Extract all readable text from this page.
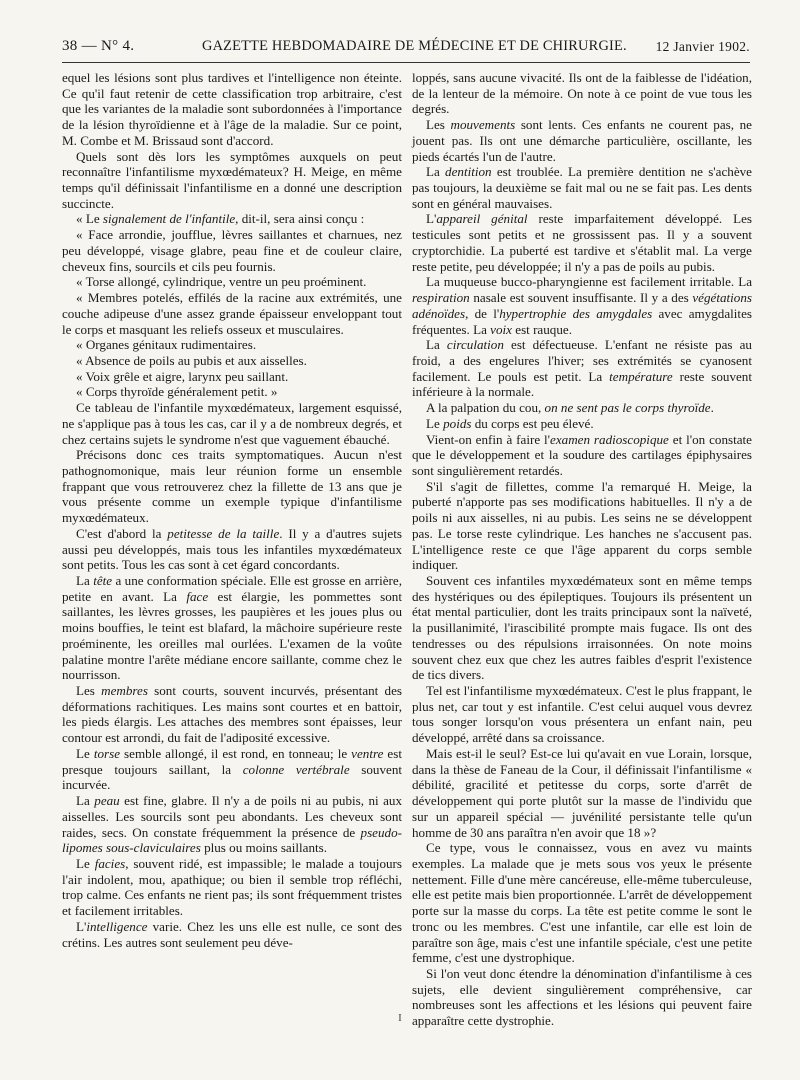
38 — N° 4.	GAZETTE HEBDOMADAIRE DE MÉDECINE ET DE CHIRURGIE. 12 Janvier 1902.

equel les lésions sont plus tardives et l'intelligence non éteinte. Ce qu'il faut retenir de cette classification trop arbitraire, c'est que les variantes de la maladie sont subordonnées à l'importance de la lésion thyroïdienne et à l'âge de la maladie. Sur ce point, M. Combe et M. Brissaud sont d'accord.

Quels sont dès lors les symptômes auxquels on peut reconnaître l'infantilisme myxœdémateux? H. Meige, en même temps qu'il définissait l'infantilisme en a donné une description succincte.

« Le signalement de l'infantile, dit-il, sera ainsi conçu :

« Face arrondie, joufflue, lèvres saillantes et charnues, nez peu développé, visage glabre, peau fine et de couleur claire, cheveux fins, sourcils et cils peu fournis.

« Torse allongé, cylindrique, ventre un peu proéminent.

« Membres potelés, effilés de la racine aux extrémités, une couche adipeuse d'une assez grande épaisseur enveloppant tout le corps et masquant les reliefs osseux et musculaires.

« Organes génitaux rudimentaires.

« Absence de poils au pubis et aux aisselles.

« Voix grêle et aigre, larynx peu saillant.

« Corps thyroïde généralement petit. »

Ce tableau de l'infantile myxœdémateux, largement esquissé, ne s'applique pas à tous les cas, car il y a de nombreux degrés, et chez certains sujets le syndrome n'est que vaguement ébauché.

Précisons donc ces traits symptomatiques. Aucun n'est pathognomonique, mais leur réunion forme un ensemble frappant que vous retrouverez chez la fillette de 13 ans que je vous présente comme un exemple typique d'infantilisme myxœdémateux.

C'est d'abord la petitesse de la taille. Il y a d'autres sujets aussi peu développés, mais tous les infantiles myxœdémateux sont petits. Tous les cas sont à cet égard concordants.

La tête a une conformation spéciale. Elle est grosse en arrière, petite en avant. La face est élargie, les pommettes sont saillantes, les lèvres grosses, les paupières et les joues plus ou moins bouffies, le teint est blafard, la mâchoire supérieure reste proéminente, les oreilles mal ourlées. L'examen de la voûte palatine montre l'arête médiane encore saillante, comme chez le nourrisson.

Les membres sont courts, souvent incurvés, présentant des déformations rachitiques. Les mains sont courtes et en battoir, les pieds élargis. Les attaches des membres sont épaisses, leur contour est arrondi, du fait de l'adiposité excessive.

Le torse semble allongé, il est rond, en tonneau; le ventre est presque toujours saillant, la colonne vertébrale souvent incurvée.

La peau est fine, glabre. Il n'y a de poils ni au pubis, ni aux aisselles. Les sourcils sont peu abondants. Les cheveux sont raides, secs. On constate fréquemment la présence de pseudo-lipomes sous-claviculaires plus ou moins saillants.

Le facies, souvent ridé, est impassible; le malade a toujours l'air indolent, mou, apathique; ou bien il semble trop réfléchi, trop calme. Ces enfants ne rient pas; ils sont fréquemment tristes et facilement irritables.

L'intelligence varie. Chez les uns elle est nulle, ce sont des crétins. Les autres sont seulement peu déve-

loppés, sans aucune vivacité. Ils ont de la faiblesse de l'idéation, de la lenteur de la mémoire. On note à ce point de vue tous les degrés.

Les mouvements sont lents. Ces enfants ne courent pas, ne jouent pas. Ils ont une démarche particulière, oscillante, les pieds écartés l'un de l'autre.

La dentition est troublée. La première dentition ne s'achève pas toujours, la deuxième se fait mal ou ne se fait pas. Les dents sont en général mauvaises.

L'appareil génital reste imparfaitement développé. Les testicules sont petits et ne grossissent pas. Il y a souvent cryptorchidie. La puberté est tardive et s'établit mal. La verge reste petite, peu développée; il n'y a pas de poils au pubis.

La muqueuse bucco-pharyngienne est facilement irritable. La respiration nasale est souvent insuffisante. Il y a des végétations adénoïdes, de l'hypertrophie des amygdales avec amygdalites fréquentes. La voix est rauque.

La circulation est défectueuse. L'enfant ne résiste pas au froid, a des engelures l'hiver; ses extrémités se cyanosent facilement. Le pouls est petit. La température reste souvent inférieure à la normale.

A la palpation du cou, on ne sent pas le corps thyroïde.

Le poids du corps est peu élevé.

Vient-on enfin à faire l'examen radioscopique et l'on constate que le développement et la soudure des cartilages épiphysaires sont singulièrement retardés.

S'il s'agit de fillettes, comme l'a remarqué H. Meige, la puberté n'apporte pas ses modifications habituelles. Il n'y a de poils ni aux aisselles, ni au pubis. Les seins ne se développent pas. Le torse reste cylindrique. Les hanches ne s'accusent pas. L'intelligence reste ce que l'âge apparent du corps semble indiquer.

Souvent ces infantiles myxœdémateux sont en même temps des hystériques ou des épileptiques. Toujours ils présentent un état mental particulier, dont les traits principaux sont la naïveté, la pusillanimité, l'irascibilité prompte mais fugace. Ils ont des tendresses ou des répulsions irraisonnées. On note moins souvent chez eux que chez les autres faibles d'esprit l'existence de tics divers.

Tel est l'infantilisme myxœdémateux. C'est le plus frappant, le plus net, car tout y est infantile. C'est celui auquel vous devrez tous songer lorsqu'on vous présentera un enfant nain, peu développé, arrêté dans sa croissance.

Mais est-il le seul? Est-ce lui qu'avait en vue Lorain, lorsque, dans la thèse de Faneau de la Cour, il définissait l'infantilisme « débilité, gracilité et petitesse du corps, sorte d'arrêt de développement qui porte plutôt sur la masse de l'individu que sur un appareil spécial — juvénilité persistante telle qu'un homme de 30 ans paraîtra n'en avoir que 18 »?

Ce type, vous le connaissez, vous en avez vu maints exemples. La malade que je mets sous vos yeux le présente nettement. Fille d'une mère cancéreuse, elle-même tuberculeuse, elle est petite mais bien proportionnée. L'arrêt de développement porte sur la masse du corps. La tête est petite comme le sont le tronc ou les membres. C'est une infantile, car elle est loin de paraître son âge, mais c'est une infantile spéciale, c'est une petite femme, c'est une dystrophique.

Si l'on veut donc étendre la dénomination d'infantilisme à ces sujets, elle devient singulièrement compréhensive, car nombreuses sont les affections et les lésions qui peuvent faire apparaître cette dystrophie.

I
